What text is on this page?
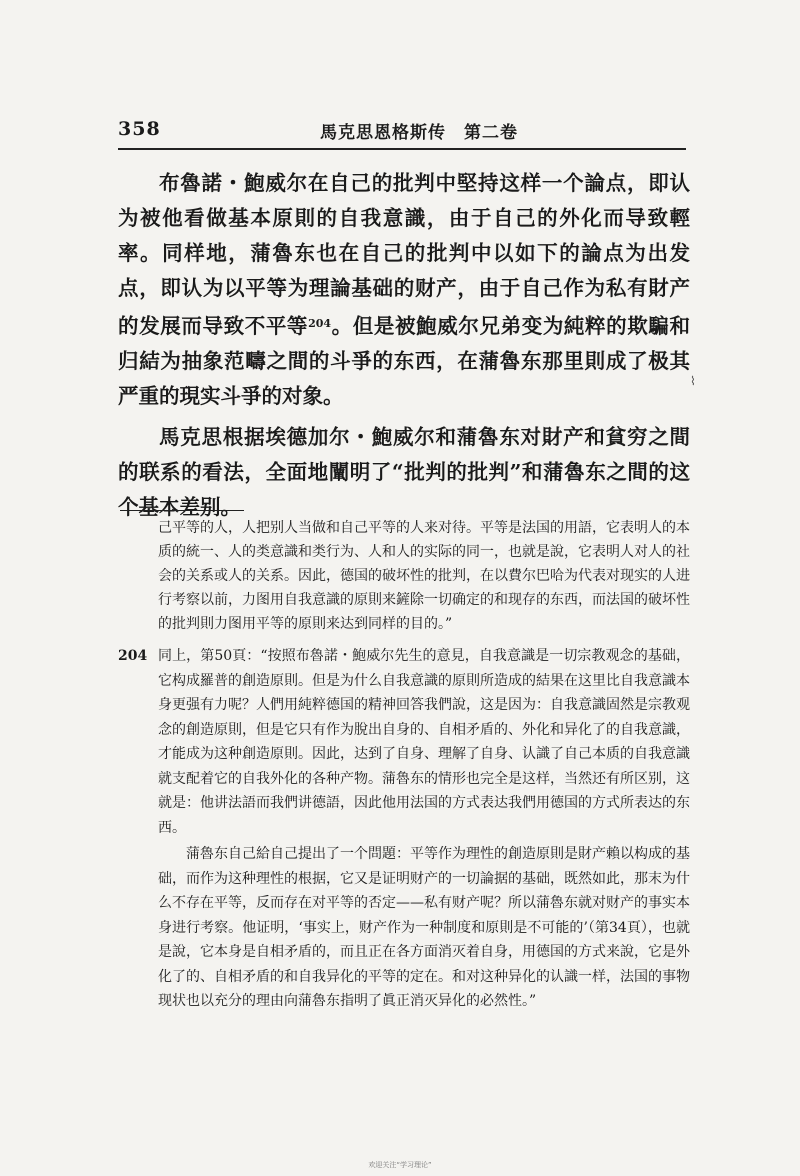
358	馬克思恩格斯传　第二卷

布魯諾・鮑威尔在自己的批判中堅持这样一个論点，即认为被他看做基本原則的自我意識，由于自己的外化而导致輕率。同样地，蒲魯东也在自己的批判中以如下的論点为出发点，即认为以平等为理論基础的财产，由于自己作为私有財产的发展而导致不平等$^{204}$。但是被鮑威尔兄弟变为純粹的欺騙和归結为抽象范疇之間的斗爭的东西，在蒲魯东那里則成了极其严重的現实斗爭的对象。

馬克思根据埃德加尔・鮑威尔和蒲魯东对財产和貧穷之間的联系的看法，全面地闡明了“批判的批判”和蒲魯东之間的这个基本差别。

⌇

己平等的人，人把别人当做和自己平等的人来对待。平等是法国的用語，它表明人的本质的統一、人的类意識和类行为、人和人的实际的同一，也就是說，它表明人对人的社会的关系或人的关系。因此，德国的破坏性的批判，在以費尔巴哈为代表对现实的人进行考察以前，力图用自我意識的原則来鏟除一切确定的和现存的东西，而法国的破坏性的批判則力图用平等的原則来达到同样的目的。”

204 同上，第50頁：“按照布魯諾・鮑威尔先生的意見，自我意識是一切宗教观念的基础，它构成羅普的創造原則。但是为什么自我意識的原則所造成的結果在这里比自我意識本身更强有力呢？人們用純粹德国的精神回答我們說，这是因为：自我意識固然是宗教观念的創造原則，但是它只有作为脫出自身的、自相矛盾的、外化和异化了的自我意識，才能成为这种創造原則。因此，达到了自身、理解了自身、认識了自己本质的自我意識就支配着它的自我外化的各种产物。蒲魯东的情形也完全是这样，当然还有所区别，这就是：他讲法語而我們讲德語，因此他用法国的方式表达我們用德国的方式所表达的东西。

蒲魯东自己給自己提出了一个問題：平等作为理性的創造原則是財产賴以构成的基础，而作为这种理性的根据，它又是证明财产的一切論据的基础，既然如此，那末为什么不存在平等，反而存在对平等的否定——私有财产呢？所以蒲魯东就对财产的事实本身进行考察。他证明，‘事实上，财产作为一种制度和原則是不可能的’（第34頁），也就是說，它本身是自相矛盾的，而且正在各方面消灭着自身，用德国的方式来說，它是外化了的、自相矛盾的和自我异化的平等的定在。和对这种异化的认識一样，法国的事物现状也以充分的理由向蒲魯东指明了眞正消灭异化的必然性。”

欢迎关注“学习理论”
